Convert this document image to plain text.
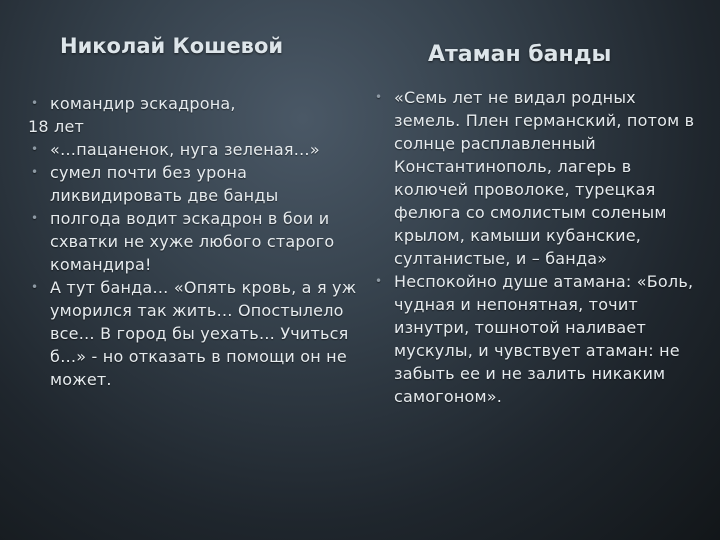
Николай Кошевой
• командир эскадрона,
18 лет
• «…пацаненок, нуга зеленая…»
• сумел почти без урона ликвидировать две банды
• полгода водит эскадрон в бои и схватки не хуже любого старого командира!
• А тут банда… «Опять кровь, а я уж уморился так жить… Опостылело все… В город бы уехать… Учиться б…» - но отказать в помощи он не может.
Атаман банды
• «Семь лет не видал родных земель. Плен германский, потом в солнце расплавленный Константинополь, лагерь в колючей проволоке, турецкая фелюга со смолистым соленым крылом, камыши кубанские, султанистые, и – банда»
• Неспокойно душе атамана: «Боль, чудная и непонятная, точит изнутри, тошнотой наливает мускулы, и чувствует атаман: не забыть ее и не залить никаким самогоном».
